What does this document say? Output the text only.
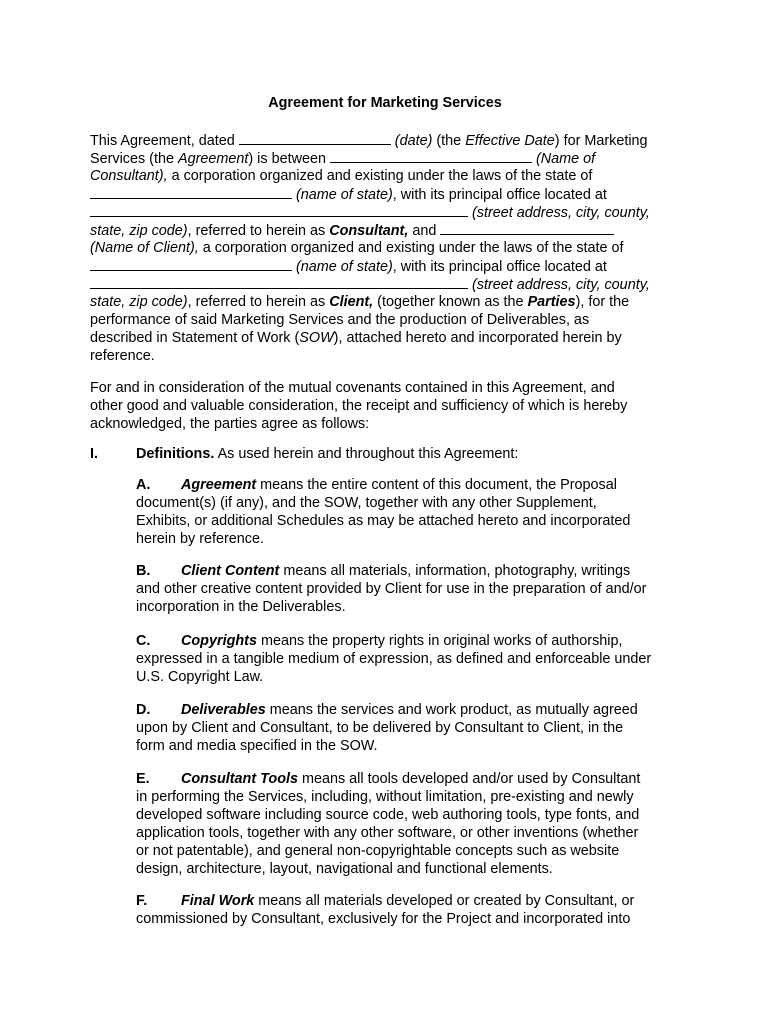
Agreement for Marketing Services
This Agreement, dated	(date) (the Effective Date) for Marketing
Services (the Agreement) is between	(Name of
Consultant), a corporation organized and existing under the laws of the state of
(name of state), with its principal office located at
(street address, city, county,
state, zip code), referred to herein as Consultant, and
(Name of Client), a corporation organized and existing under the laws of the state of
(name of state), with its principal office located at
(street address, city, county,
state, zip code), referred to herein as Client, (together known as the Parties), for the
performance of said Marketing Services and the production of Deliverables, as
described in Statement of Work (SOW), attached hereto and incorporated herein by
reference.
For and in consideration of the mutual covenants contained in this Agreement, and
other good and valuable consideration, the receipt and sufficiency of which is hereby
acknowledged, the parties agree as follows:
I.	Definitions. As used herein and throughout this Agreement:
A. Agreement means the entire content of this document, the Proposal
document(s) (if any), and the SOW, together with any other Supplement,
Exhibits, or additional Schedules as may be attached hereto and incorporated
herein by reference.
B. Client Content means all materials, information, photography, writings
and other creative content provided by Client for use in the preparation of and/or
incorporation in the Deliverables.
C. Copyrights means the property rights in original works of authorship,
expressed in a tangible medium of expression, as defined and enforceable under
U.S. Copyright Law.
D. Deliverables means the services and work product, as mutually agreed
upon by Client and Consultant, to be delivered by Consultant to Client, in the
form and media specified in the SOW.
E. Consultant Tools means all tools developed and/or used by Consultant
in performing the Services, including, without limitation, pre-existing and newly
developed software including source code, web authoring tools, type fonts, and
application tools, together with any other software, or other inventions (whether
or not patentable), and general non-copyrightable concepts such as website
design, architecture, layout, navigational and functional elements.
F. Final Work means all materials developed or created by Consultant, or
commissioned by Consultant, exclusively for the Project and incorporated into
